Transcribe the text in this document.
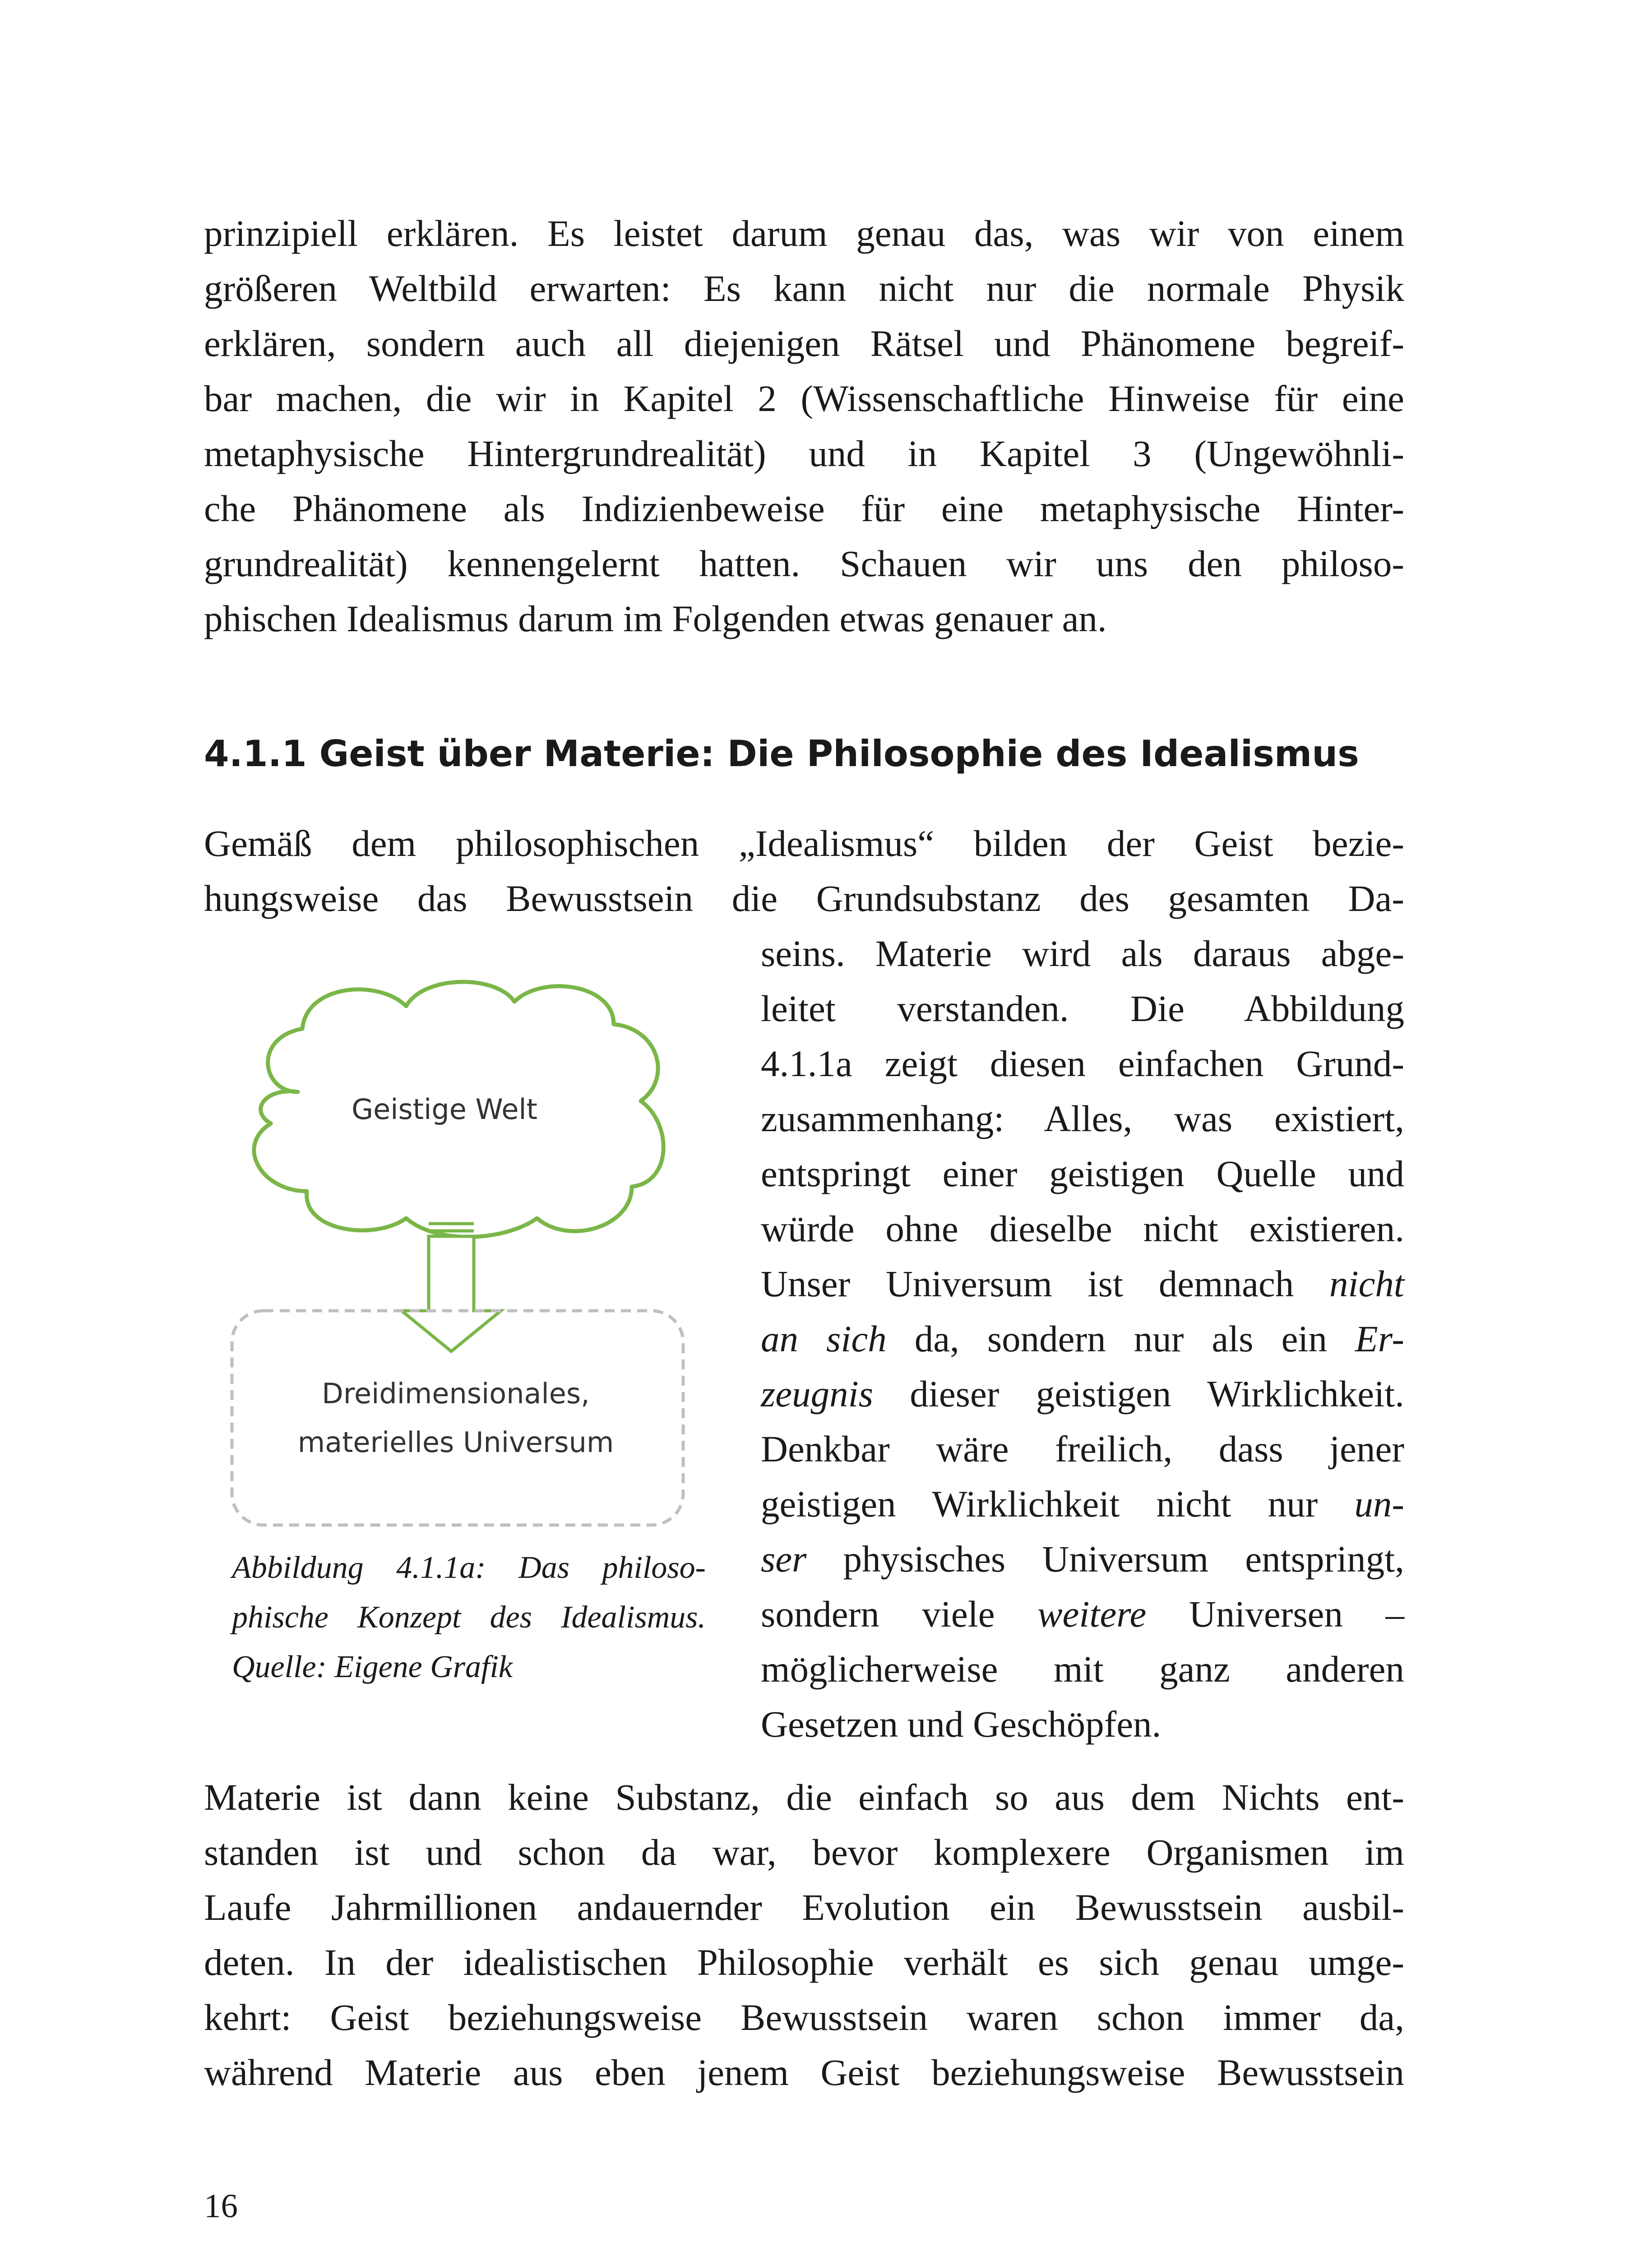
prinzipiell erklären. Es leistet darum genau das, was wir von einem
größeren Weltbild erwarten: Es kann nicht nur die normale Physik
erklären, sondern auch all diejenigen Rätsel und Phänomene begreif-
bar machen, die wir in Kapitel 2 (Wissenschaftliche Hinweise für eine
metaphysische Hintergrundrealität) und in Kapitel 3 (Ungewöhnli-
che Phänomene als Indizienbeweise für eine metaphysische Hinter-
grundrealität) kennengelernt hatten. Schauen wir uns den philoso-
phischen Idealismus darum im Folgenden etwas genauer an.
4.1.1 Geist über Materie: Die Philosophie des Idealismus
Gemäß dem philosophischen „Idealismus“ bilden der Geist bezie-
hungsweise das Bewusstsein die Grundsubstanz des gesamten Da-
seins. Materie wird als daraus abge-
leitet verstanden. Die Abbildung
4.1.1a zeigt diesen einfachen Grund-
zusammenhang: Alles, was existiert,
entspringt einer geistigen Quelle und
würde ohne dieselbe nicht existieren.
Unser Universum ist demnach nicht
an sich da, sondern nur als ein Er-
zeugnis dieser geistigen Wirklichkeit.
Denkbar wäre freilich, dass jener
geistigen Wirklichkeit nicht nur un-
ser physisches Universum entspringt,
sondern viele weitere Universen –
möglicherweise mit ganz anderen
Gesetzen und Geschöpfen.
Geistige Welt
Dreidimensionales,
materielles Universum
Abbildung 4.1.1a: Das philoso-
phische Konzept des Idealismus.
Quelle: Eigene Grafik
Materie ist dann keine Substanz, die einfach so aus dem Nichts ent-
standen ist und schon da war, bevor komplexere Organismen im
Laufe Jahrmillionen andauernder Evolution ein Bewusstsein ausbil-
deten. In der idealistischen Philosophie verhält es sich genau umge-
kehrt: Geist beziehungsweise Bewusstsein waren schon immer da,
während Materie aus eben jenem Geist beziehungsweise Bewusstsein
16
